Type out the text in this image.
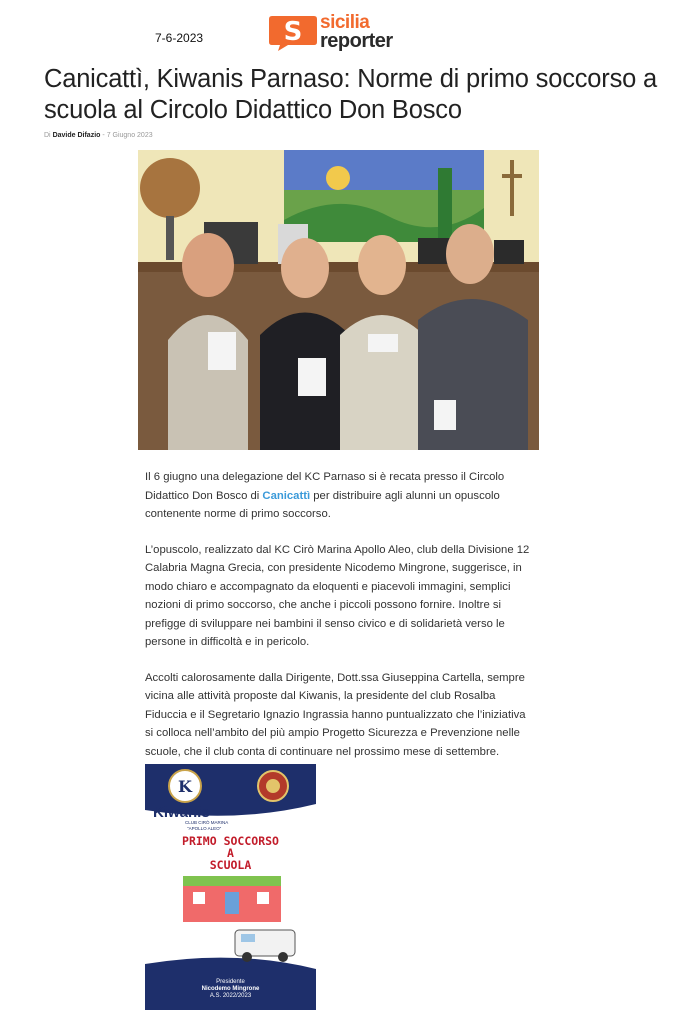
7-6-2023	S sicilia
reporter
Canicattì, Kiwanis Parnaso: Norme di primo soccorso a scuola al Circolo Didattico Don Bosco
Di Davide Difazio - 7 Giugno 2023

Il 6 giugno una delegazione del KC Parnaso si è recata presso il Circolo Didattico Don Bosco di Canicattì per distribuire agli alunni un opuscolo contenente norme di primo soccorso.

L’opuscolo, realizzato dal KC Cirò Marina Apollo Aleo, club della Divisione 12 Calabria Magna Grecia, con presidente Nicodemo Mingrone, suggerisce, in modo chiaro e accompagnato da eloquenti e piacevoli immagini, semplici nozioni di primo soccorso, che anche i piccoli possono fornire. Inoltre si prefigge di sviluppare nei bambini il senso civico e di solidarietà verso le persone in difficoltà e in pericolo.

Accolti calorosamente dalla Dirigente, Dott.ssa Giuseppina Cartella, sempre vicina alle attività proposte dal Kiwanis, la presidente del club Rosalba Fiduccia e il Segretario Ignazio Ingrassia hanno puntualizzato che l’iniziativa si colloca nell’ambito del più ampio Progetto Sicurezza e Prevenzione nelle scuole, che il club conta di continuare nel prossimo mese di settembre.

K
Kiwanis
CLUB CIRÒ MARINA
"APOLLO ALEO"
PRIMO SOCCORSO
A
SCUOLA
Presidente
Nicodemo Mingrone
A.S. 2022/2023
